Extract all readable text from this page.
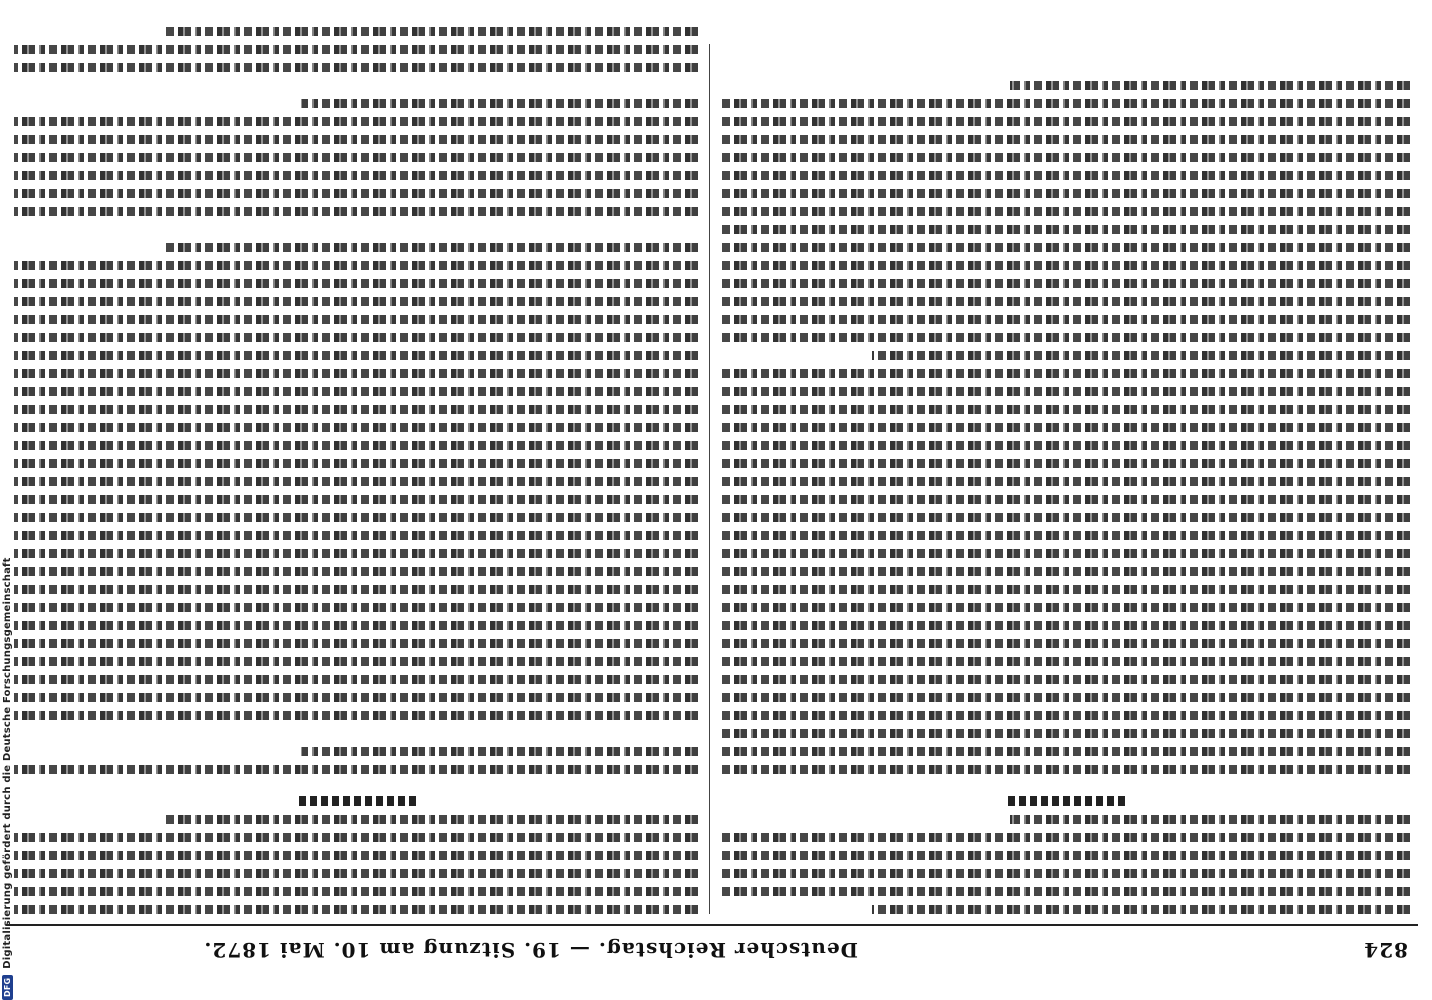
824
Deutscher Reichstag. — 19. Sitzung am 10. Mai 1872.
DFGDigitalisierung gefördert durch die Deutsche Forschungsgemeinschaft
